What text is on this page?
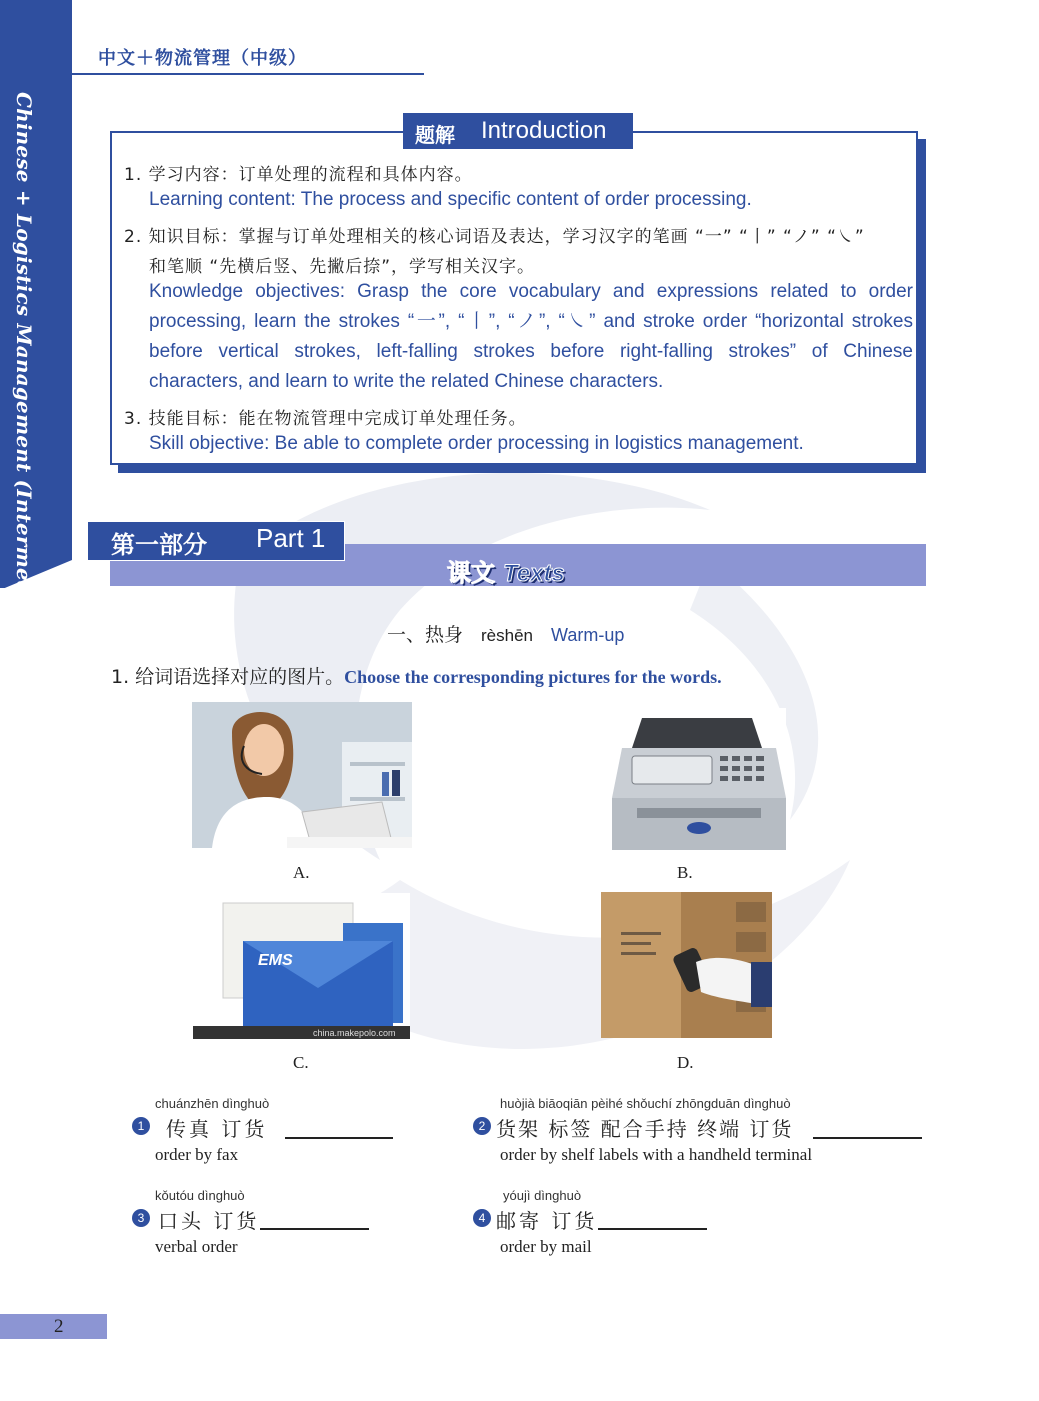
Chinese + Logistics Management (Intermediate)
中文＋物流管理（中级）
题解 Introduction
1. 学习内容：订单处理的流程和具体内容。
Learning content: The process and specific content of order processing.
2. 知识目标：掌握与订单处理相关的核心词语及表达，学习汉字的笔画 “一” “丨” “ノ” “㇏”
和笔顺 “先横后竖、先撇后捺”，学写相关汉字。
Knowledge objectives: Grasp the core vocabulary and expressions related to order processing, learn the strokes “一”, “丨”, “ノ”, “㇏” and stroke order “horizontal strokes before vertical strokes, left-falling strokes before right-falling strokes” of Chinese characters, and learn to write the related Chinese characters.
3. 技能目标：能在物流管理中完成订单处理任务。
Skill objective: Be able to complete order processing in logistics management.
第一部分 Part 1
课文 Texts
一、热身 rèshēn Warm-up
1. 给词语选择对应的图片。Choose the corresponding pictures for the words.
A.	B.
EMS
china.makepolo.com
C.	D.
chuánzhēn dìnghuò
1 传真 订货
order by fax
huòjià biāoqiān pèihé shǒuchí zhōngduān dìnghuò
2 货架 标签 配合手持 终端 订货
order by shelf labels with a handheld terminal
kǒutóu dìnghuò
3 口头 订货
verbal order
yóujì dìnghuò
4 邮寄 订货
order by mail
2
